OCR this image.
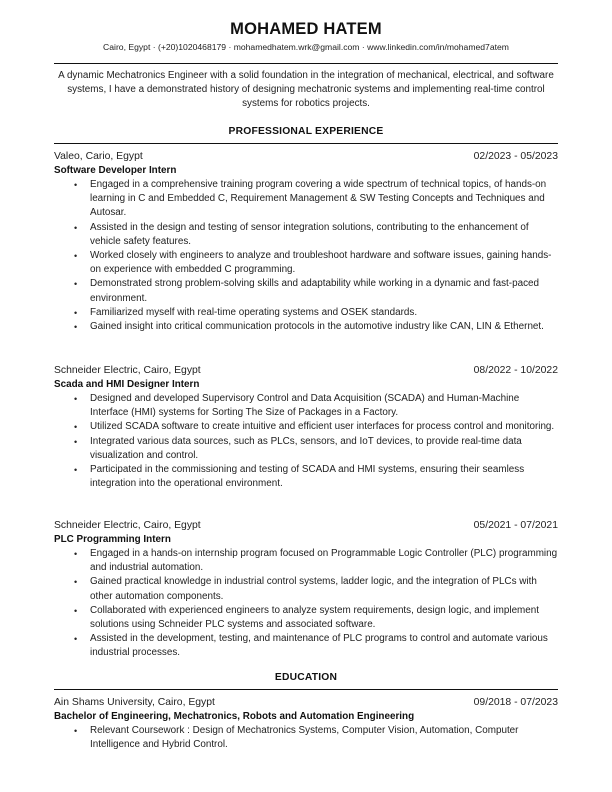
MOHAMED HATEM
Cairo, Egypt · (+20)1020468179 · mohamedhatem.wrk@gmail.com · www.linkedin.com/in/mohamed7atem
A dynamic Mechatronics Engineer with a solid foundation in the integration of mechanical, electrical, and software systems, I have a demonstrated history of designing mechatronic systems and implementing real-time control systems for robotics projects.
PROFESSIONAL EXPERIENCE
Valeo, Cario, Egypt	02/2023 - 05/2023
Software Developer Intern
• Engaged in a comprehensive training program covering a wide spectrum of technical topics, of hands-on learning in C and Embedded C, Requirement Management & SW Testing Concepts and Techniques and Autosar.
• Assisted in the design and testing of sensor integration solutions, contributing to the enhancement of vehicle safety features.
• Worked closely with engineers to analyze and troubleshoot hardware and software issues, gaining hands-on experience with embedded C programming.
• Demonstrated strong problem-solving skills and adaptability while working in a dynamic and fast-paced environment.
• Familiarized myself with real-time operating systems and OSEK standards.
• Gained insight into critical communication protocols in the automotive industry like CAN, LIN & Ethernet.
Schneider Electric, Cairo, Egypt	08/2022 - 10/2022
Scada and HMI Designer Intern
• Designed and developed Supervisory Control and Data Acquisition (SCADA) and Human-Machine Interface (HMI) systems for Sorting The Size of Packages in a Factory.
• Utilized SCADA software to create intuitive and efficient user interfaces for process control and monitoring.
• Integrated various data sources, such as PLCs, sensors, and IoT devices, to provide real-time data visualization and control.
• Participated in the commissioning and testing of SCADA and HMI systems, ensuring their seamless integration into the operational environment.
Schneider Electric, Cairo, Egypt	05/2021 - 07/2021
PLC Programming Intern
• Engaged in a hands-on internship program focused on Programmable Logic Controller (PLC) programming and industrial automation.
• Gained practical knowledge in industrial control systems, ladder logic, and the integration of PLCs with other automation components.
• Collaborated with experienced engineers to analyze system requirements, design logic, and implement solutions using Schneider PLC systems and associated software.
• Assisted in the development, testing, and maintenance of PLC programs to control and automate various industrial processes.
EDUCATION
Ain Shams University, Cairo, Egypt	09/2018 - 07/2023
Bachelor of Engineering, Mechatronics, Robots and Automation Engineering
• Relevant Coursework : Design of Mechatronics Systems, Computer Vision, Automation, Computer Intelligence and Hybrid Control.
